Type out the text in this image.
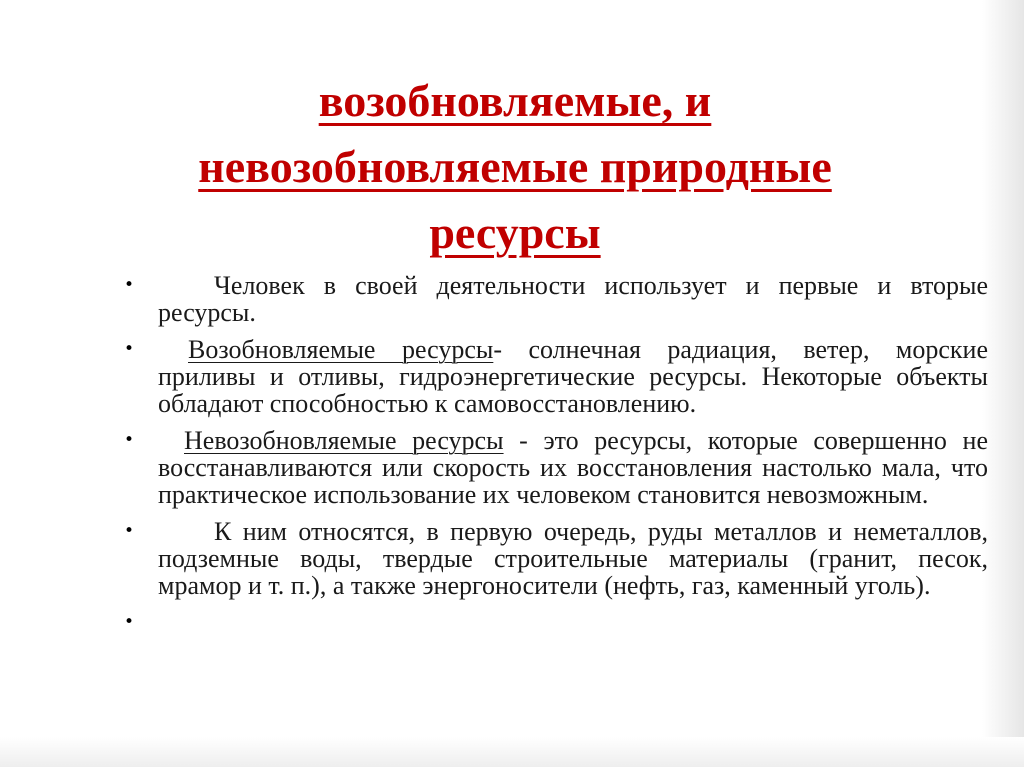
возобновляемые, и
невозобновляемые природные
ресурсы
•	Человек в своей деятельности использует и первые и вторые ресурсы.
• Возобновляемые ресурсы- солнечная радиация, ветер, морские приливы и отливы, гидроэнергетические ресурсы. Некоторые объекты обладают способностью к самовосстановлению.
• Невозобновляемые ресурсы - это ресурсы, которые совершенно не восстанавливаются или скорость их восстановления настолько мала, что практическое использование их человеком становится невозможным.
•	К ним относятся, в первую очередь, руды металлов и неметаллов, подземные воды, твердые строительные материалы (гранит, песок, мрамор и т. п.), а также энергоносители (нефть, газ, каменный уголь).
•
